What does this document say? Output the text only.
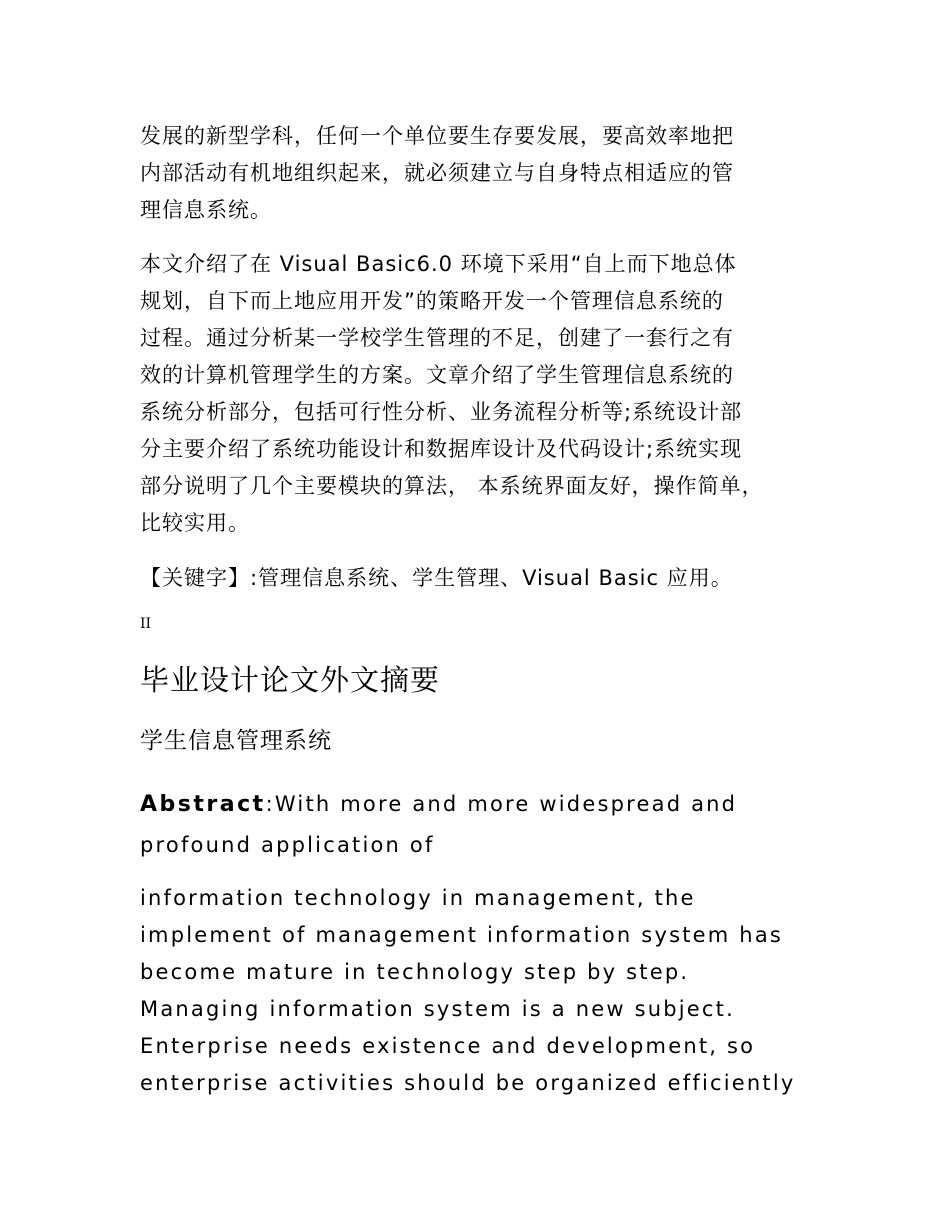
发展的新型学科，任何一个单位要生存要发展，要高效率地把
内部活动有机地组织起来，就必须建立与自身特点相适应的管
理信息系统。
本文介绍了在 Visual Basic6.0 环境下采用“自上而下地总体
规划，自下而上地应用开发”的策略开发一个管理信息系统的
过程。通过分析某一学校学生管理的不足，创建了一套行之有
效的计算机管理学生的方案。文章介绍了学生管理信息系统的
系统分析部分，包括可行性分析、业务流程分析等;系统设计部
分主要介绍了系统功能设计和数据库设计及代码设计;系统实现
部分说明了几个主要模块的算法， 本系统界面友好，操作简单，
比较实用。

【关键字】:管理信息系统、学生管理、Visual Basic 应用。

II

毕业设计论文外文摘要
学生信息管理系统
Abstract:With more and more widespread and
profound application of
information technology in management, the
implement of management information system has
become mature in technology step by step.
Managing information system is a new subject.
Enterprise needs existence and development, so
enterprise activities should be organized efficiently
